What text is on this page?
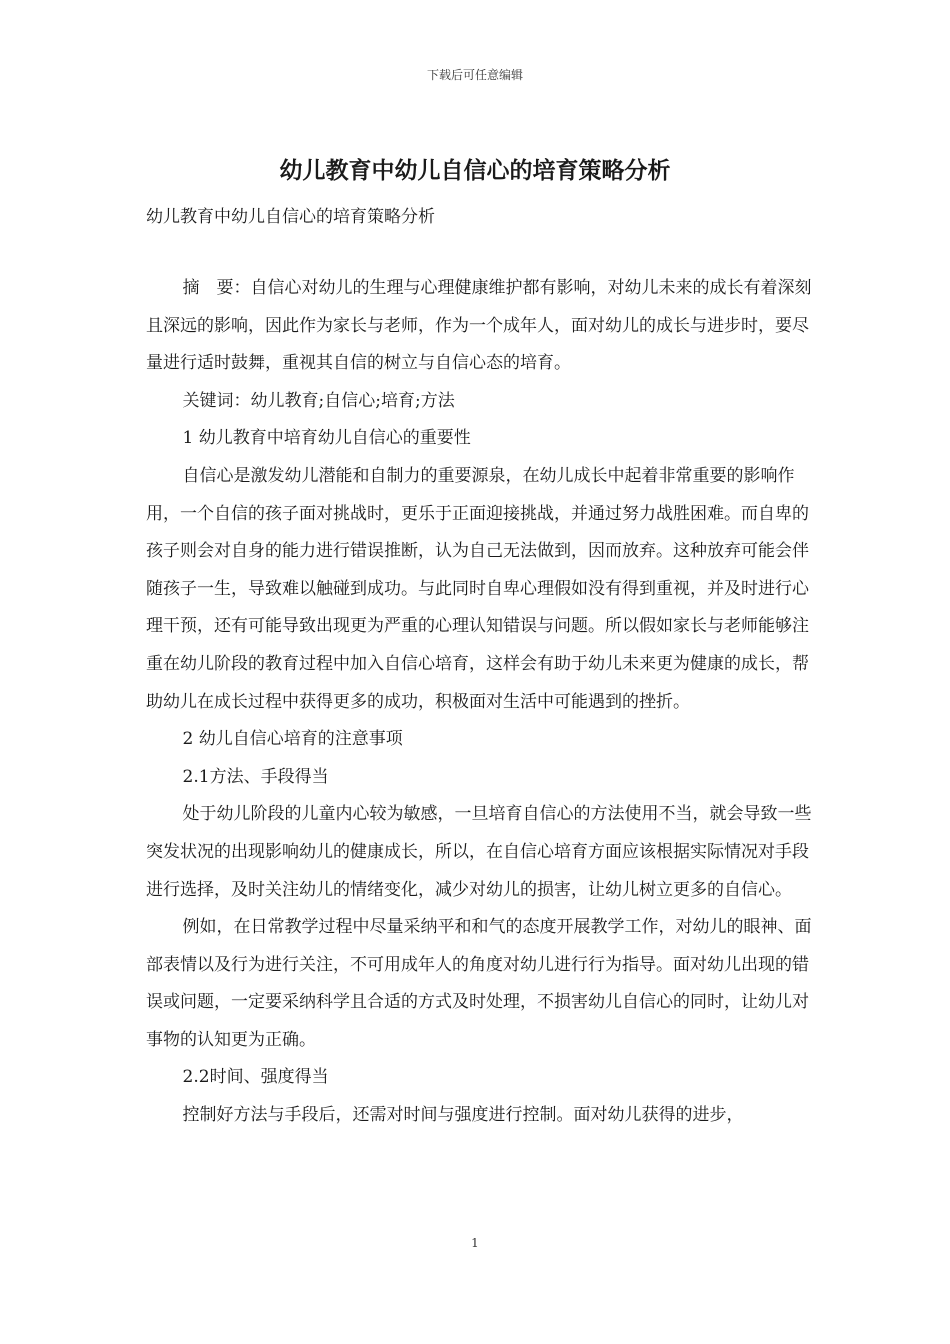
下载后可任意编辑
幼儿教育中幼儿自信心的培育策略分析

幼儿教育中幼儿自信心的培育策略分析

摘　要：自信心对幼儿的生理与心理健康维护都有影响，对幼儿未来的成长有着深刻且深远的影响，因此作为家长与老师，作为一个成年人，面对幼儿的成长与进步时，要尽量进行适时鼓舞，重视其自信的树立与自信心态的培育。

关键词：幼儿教育;自信心;培育;方法

1 幼儿教育中培育幼儿自信心的重要性

自信心是激发幼儿潜能和自制力的重要源泉，在幼儿成长中起着非常重要的影响作用，一个自信的孩子面对挑战时，更乐于正面迎接挑战，并通过努力战胜困难。而自卑的孩子则会对自身的能力进行错误推断，认为自己无法做到，因而放弃。这种放弃可能会伴随孩子一生，导致难以触碰到成功。与此同时自卑心理假如没有得到重视，并及时进行心理干预，还有可能导致出现更为严重的心理认知错误与问题。所以假如家长与老师能够注重在幼儿阶段的教育过程中加入自信心培育，这样会有助于幼儿未来更为健康的成长，帮助幼儿在成长过程中获得更多的成功，积极面对生活中可能遇到的挫折。

2 幼儿自信心培育的注意事项

2.1方法、手段得当

处于幼儿阶段的儿童内心较为敏感，一旦培育自信心的方法使用不当，就会导致一些突发状况的出现影响幼儿的健康成长，所以，在自信心培育方面应该根据实际情况对手段进行选择，及时关注幼儿的情绪变化，减少对幼儿的损害，让幼儿树立更多的自信心。

例如，在日常教学过程中尽量采纳平和和气的态度开展教学工作，对幼儿的眼神、面部表情以及行为进行关注，不可用成年人的角度对幼儿进行行为指导。面对幼儿出现的错误或问题，一定要采纳科学且合适的方式及时处理，不损害幼儿自信心的同时，让幼儿对事物的认知更为正确。

2.2时间、强度得当

控制好方法与手段后，还需对时间与强度进行控制。面对幼儿获得的进步，

1
